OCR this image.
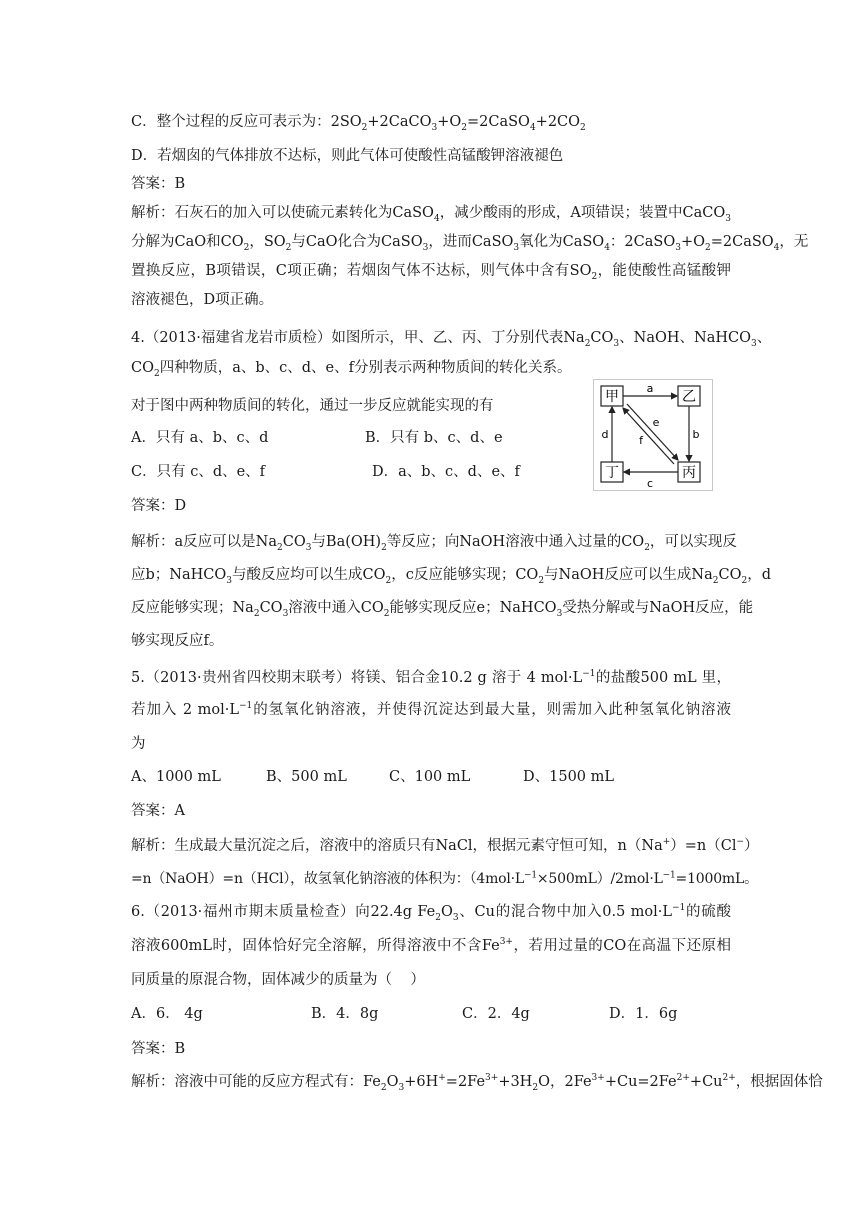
C．整个过程的反应可表示为：$2SO_2+2CaCO_3+O_2=2CaSO_4+2CO_2$
D．若烟囱的气体排放不达标，则此气体可使酸性高锰酸钾溶液褪色
答案：B
解析：石灰石的加入可以使硫元素转化为CaSO$_4$，减少酸雨的形成，A项错误；装置中CaCO$_3$
分解为CaO和$CO_2$，$SO_2$与CaO化合为CaSO$_3$，进而CaSO$_3$氧化为CaSO$_4$：$2CaSO_3+O_2=2CaSO_4$，无
置换反应，B项错误，C项正确；若烟囱气体不达标，则气体中含有$SO_2$，能使酸性高锰酸钾
溶液褪色，D项正确。
4.（2013·福建省龙岩市质检）如图所示，甲、乙、丙、丁分别代表$Na_2CO_3$、NaOH、NaHCO$_3$、
$CO_2$四种物质，a、b、c、d、e、f分别表示两种物质间的转化关系。
对于图中两种物质间的转化，通过一步反应就能实现的有
A．只有 a、b、c、d	B．只有 b、c、d、e
C．只有 c、d、e、f	D．a、b、c、d、e、f
甲	乙
丁	丙
a
b
c
d
e
f
答案：D
解析：a反应可以是$Na_2CO_3$与$Ba(OH)_2$等反应；向NaOH溶液中通入过量的$CO_2$，可以实现反
应b；NaHCO$_3$与酸反应均可以生成$CO_2$，c反应能够实现；$CO_2$与NaOH反应可以生成$Na_2CO_2$，d
反应能够实现；$Na_2CO_3$溶液中通入$CO_2$能够实现反应e；NaHCO$_3$受热分解或与NaOH反应，能
够实现反应f。
5.（2013·贵州省四校期末联考）将镁、铝合金10.2 g 溶于 4 $mol\cdot L^{-1}$的盐酸500 mL 里，
若加入 2 $mol\cdot L^{-1}$的氢氧化钠溶液，并使得沉淀达到最大量，则需加入此种氢氧化钠溶液
为
A、1000 mL	B、500 mL	C、100 mL	D、1500 mL
答案：A
解析：生成最大量沉淀之后，溶液中的溶质只有NaCl，根据元素守恒可知，n（Na+）=n（Cl−）
=n（NaOH）=n（HCl），故氢氧化钠溶液的体积为：$(4mol\cdot L^{-1}\times 500mL)/2mol\cdot L^{-1}=1000mL$。
6.（2013·福州市期末质量检查）向22.4g $Fe_2O_3$、Cu的混合物中加入0.5 $mol\cdot L^{-1}$的硫酸
溶液600mL时，固体恰好完全溶解，所得溶液中不含$Fe^{3+}$，若用过量的CO在高温下还原相
同质量的原混合物，固体减少的质量为（    ）
A．6． 4g	B．4．8g	C．2．4g	D．1．6g
答案：B
解析：溶液中可能的反应方程式有：$Fe_2O_3+6H^+=2Fe^{3+}+3H_2O$，$2Fe^{3+}+Cu=2Fe^{2+}+Cu^{2+}$，根据固体恰
